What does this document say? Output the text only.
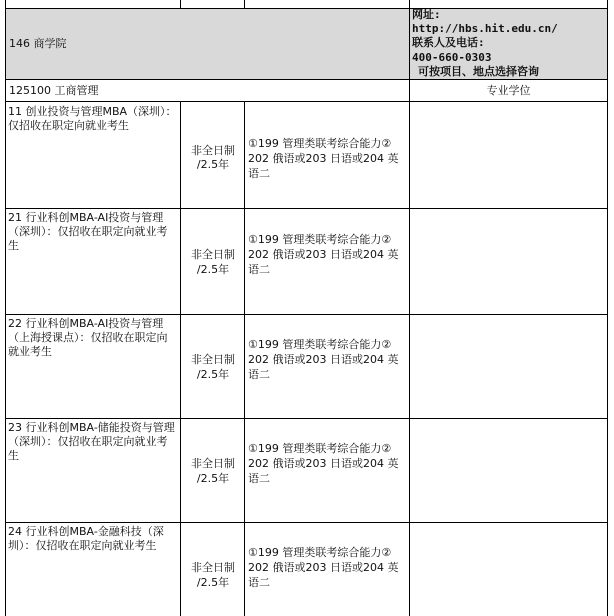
146 商学院
网址:
http://hbs.hit.edu.cn/
联系人及电话:
400-660-0303
可按项目、地点选择咨询
125100 工商管理	专业学位
11 创业投资与管理MBA（深圳）：仅招收在职定向就业考生
非全日制
/2.5年
①199 管理类联考综合能力②
202 俄语或203 日语或204 英
语二
21 行业科创MBA-AI投资与管理（深圳）：仅招收在职定向就业考生
非全日制
/2.5年
①199 管理类联考综合能力②
202 俄语或203 日语或204 英
语二
22 行业科创MBA-AI投资与管理（上海授课点）：仅招收在职定向就业考生
非全日制
/2.5年
①199 管理类联考综合能力②
202 俄语或203 日语或204 英
语二
23 行业科创MBA-储能投资与管理（深圳）：仅招收在职定向就业考生
非全日制
/2.5年
①199 管理类联考综合能力②
202 俄语或203 日语或204 英
语二
24 行业科创MBA-金融科技（深圳）：仅招收在职定向就业考生
非全日制
/2.5年
①199 管理类联考综合能力②
202 俄语或203 日语或204 英
语二
